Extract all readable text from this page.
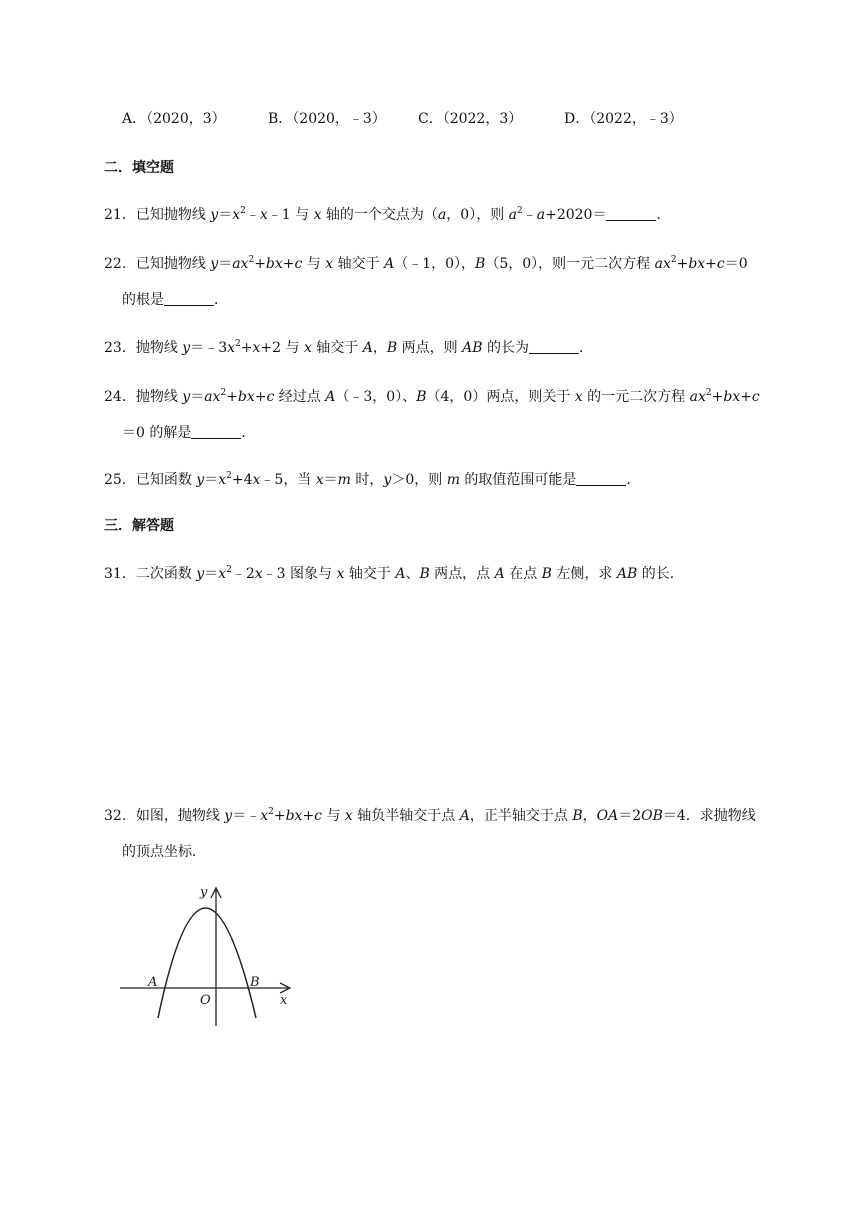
A．（2020，3）	B．（2020，﹣3） C．（2022，3）	D．（2022，﹣3）
二．填空题
21．已知抛物线 $y=x^2﹣x﹣1$ 与 x 轴的一个交点为（a，0），则 $a^2﹣a+2020=$	．
22．已知抛物线 $y=ax^2+bx+c$ 与 x 轴交于 A（﹣1，0），B（5，0），则一元二次方程 $ax^2+bx+c=0$
的根是	．
23．抛物线 $y=﹣3x^2+x+2$ 与 x 轴交于 A，B 两点，则 AB 的长为	．
24．抛物线 $y=ax^2+bx+c$ 经过点 A（﹣3，0）、B（4，0）两点，则关于 x 的一元二次方程 $ax^2+bx+c$
＝0 的解是	．
25．已知函数 $y=x^2+4x﹣5$，当 x＝m 时，y＞0，则 m 的取值范围可能是	．
三．解答题
31．二次函数 $y=x^2﹣2x﹣3$ 图象与 x 轴交于 A、B 两点，点 A 在点 B 左侧，求 AB 的长．
32．如图，抛物线 $y=﹣x^2+bx+c$ 与 x 轴负半轴交于点 A，正半轴交于点 B，OA＝2OB＝4．求抛物线
的顶点坐标．
y
x
A	B
O
